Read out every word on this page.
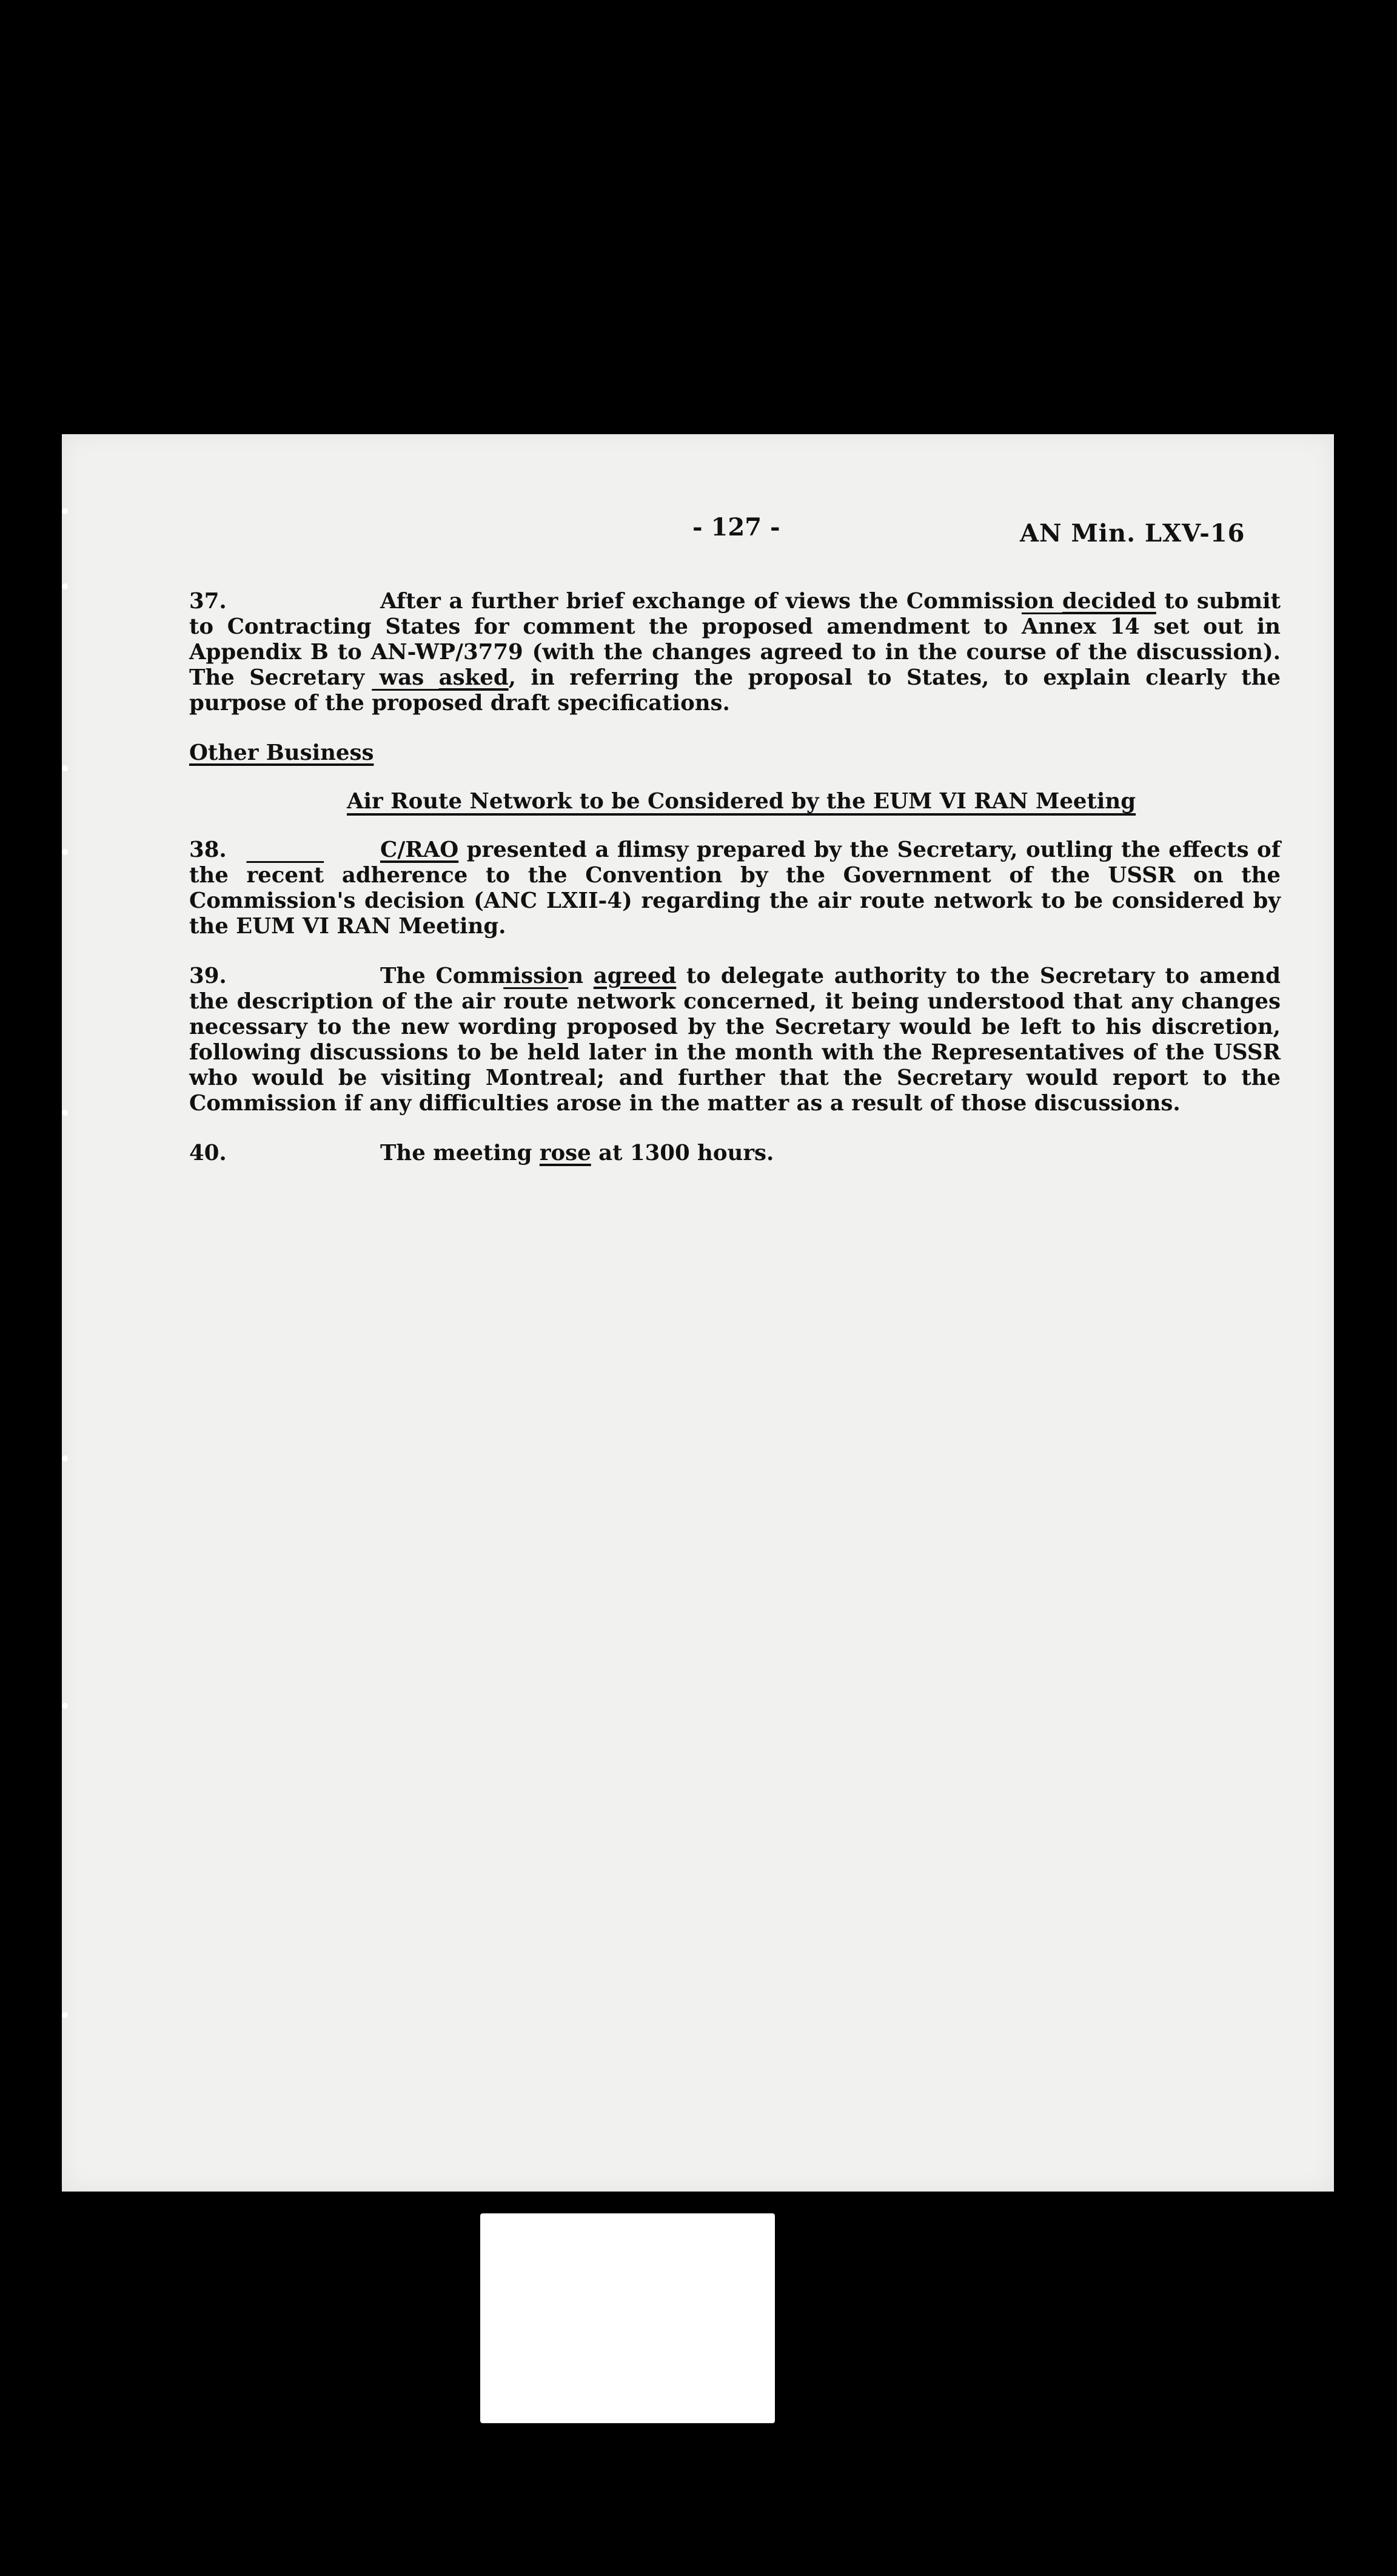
- 127 -	AN Min. LXV-16

37.	After a further brief exchange of views the Commission decided to submit to Contracting States for comment the proposed amendment to Annex 14 set out in Appendix B to AN-WP/3779 (with the changes agreed to in the course of the discussion). The Secretary was asked, in referring the proposal to States, to explain clearly the purpose of the proposed draft specifications.

Other Business
Air Route Network to be Considered by the EUM VI RAN Meeting

38.	C/RAO presented a flimsy prepared by the Secretary, outling the effects of the recent adherence to the Convention by the Government of the USSR on the Commission's decision (ANC LXII-4) regarding the air route network to be considered by the EUM VI RAN Meeting.

39.	The Commission agreed to delegate authority to the Secretary to amend the description of the air route network concerned, it being understood that any changes necessary to the new wording proposed by the Secretary would be left to his discretion, following discussions to be held later in the month with the Representatives of the USSR who would be visiting Montreal; and further that the Secretary would report to the Commission if any difficulties arose in the matter as a result of those discussions.

40.	The meeting rose at 1300 hours.
